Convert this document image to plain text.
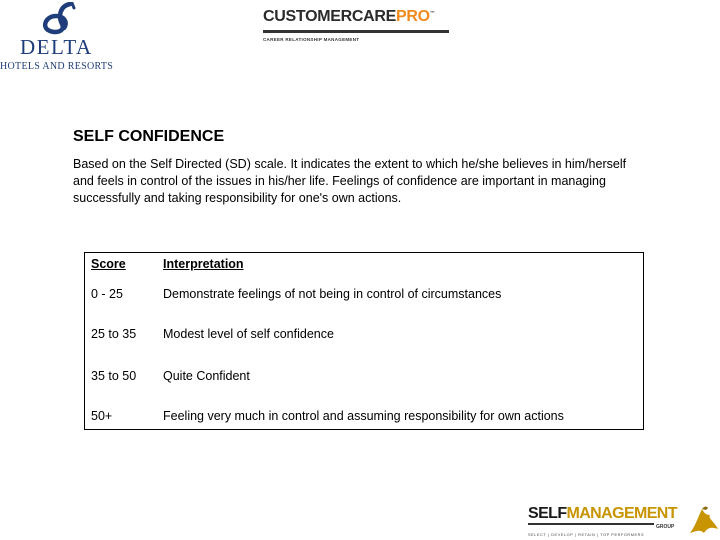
DELTA
HOTELS AND RESORTS
CUSTOMERCAREPRO™
CAREER RELATIONSHIP MANAGEMENT
SELF CONFIDENCE
Based on the Self Directed (SD) scale. It indicates the extent to which he/she believes in him/herself and feels in control of the issues in his/her life. Feelings of confidence are important in managing successfully and taking responsibility for one's own actions.
Score	Interpretation
0 - 25	Demonstrate feelings of not being in control of circumstances
25 to 35	Modest level of self confidence
35 to 50	Quite Confident
50+	Feeling very much in control and assuming responsibility for own actions
SELFMANAGEMENT
GROUP
SELECT | DEVELOP | RETAIN | TOP PERFORMERS
